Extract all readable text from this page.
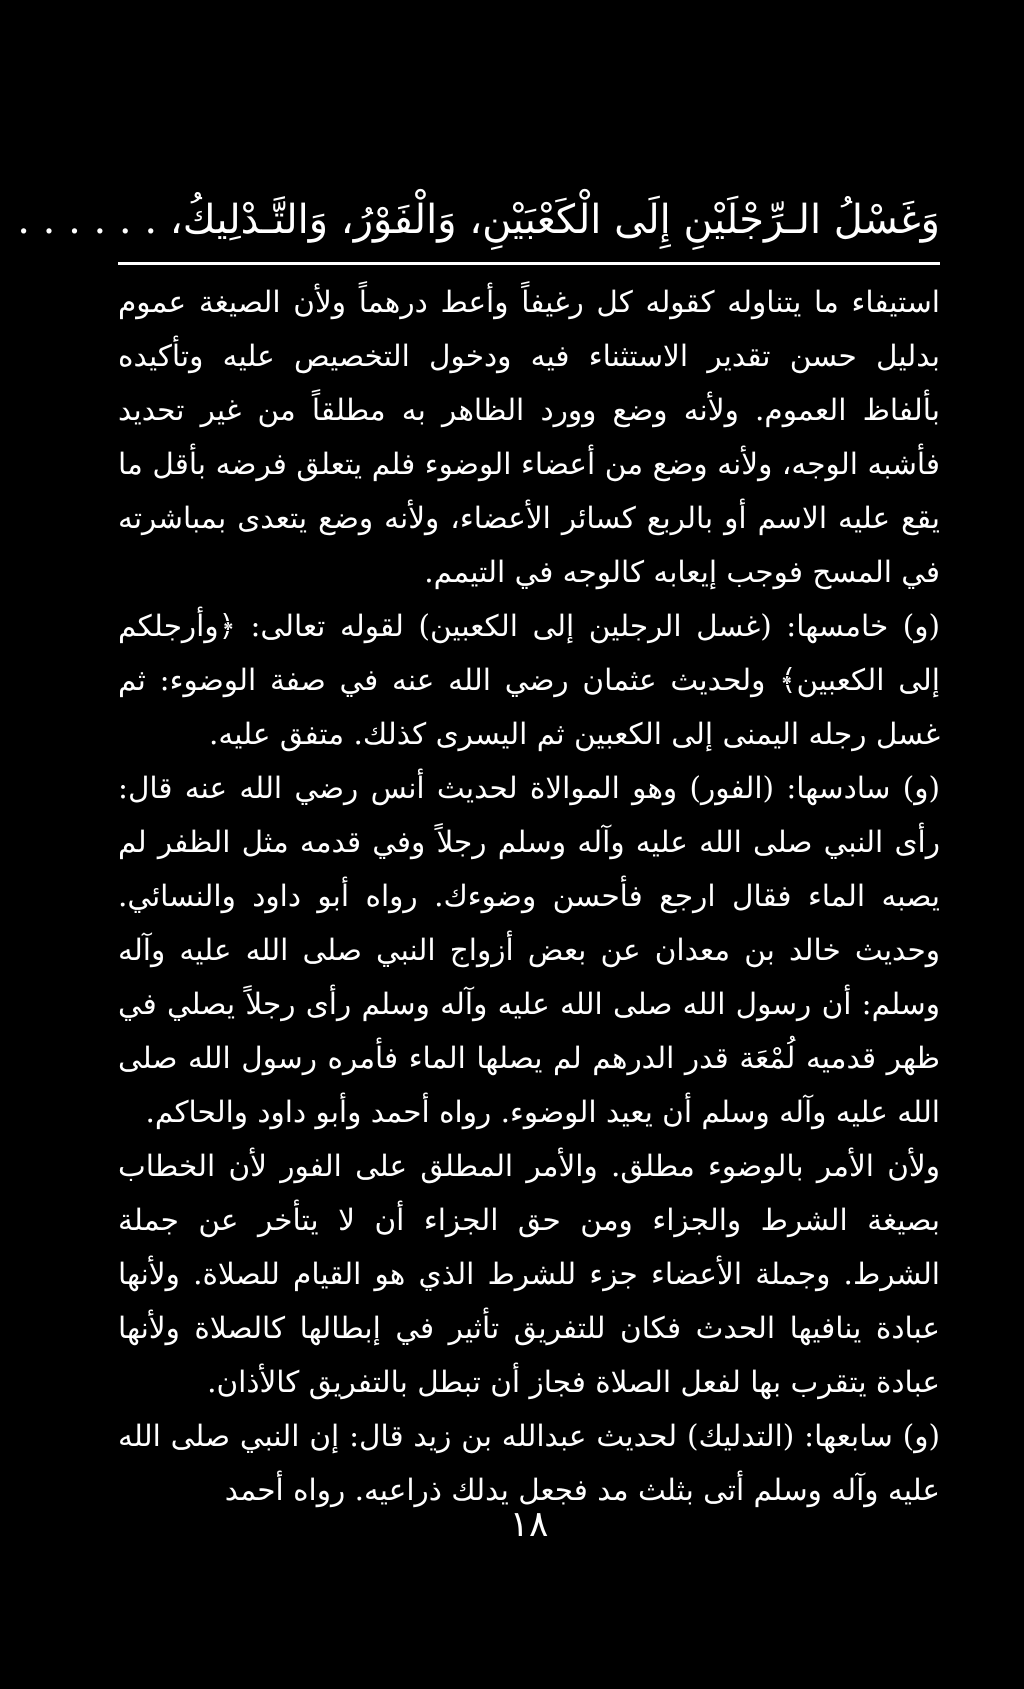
وَغَسْلُ الـرِّجْلَيْنِ إِلَى الْكَعْبَيْنِ، وَالْفَوْرُ، وَالتَّـدْلِيكُ، . . . . . .

استيفاء ما يتناوله كقوله كل رغيفاً وأعط درهماً ولأن الصيغة عموم بدليل حسن تقدير الاستثناء فيه ودخول التخصيص عليه وتأكيده بألفاظ العموم. ولأنه وضع وورد الظاهر به مطلقاً من غير تحديد فأشبه الوجه، ولأنه وضع من أعضاء الوضوء فلم يتعلق فرضه بأقل ما يقع عليه الاسم أو بالربع كسائر الأعضاء، ولأنه وضع يتعدى بمباشرته في المسح فوجب إيعابه كالوجه في التيمم.

(و) خامسها: (غسل الرجلين إلى الكعبين) لقوله تعالى: ﴿وأرجلكم إلى الكعبين﴾ ولحديث عثمان رضي الله عنه في صفة الوضوء: ثم غسل رجله اليمنى إلى الكعبين ثم اليسرى كذلك. متفق عليه.

(و) سادسها: (الفور) وهو الموالاة لحديث أنس رضي الله عنه قال: رأى النبي صلى الله عليه وآله وسلم رجلاً وفي قدمه مثل الظفر لم يصبه الماء فقال ارجع فأحسن وضوءك. رواه أبو داود والنسائي. وحديث خالد بن معدان عن بعض أزواج النبي صلى الله عليه وآله وسلم: أن رسول الله صلى الله عليه وآله وسلم رأى رجلاً يصلي في ظهر قدميه لُمْعَة قدر الدرهم لم يصلها الماء فأمره رسول الله صلى الله عليه وآله وسلم أن يعيد الوضوء. رواه أحمد وأبو داود والحاكم.

ولأن الأمر بالوضوء مطلق. والأمر المطلق على الفور لأن الخطاب بصيغة الشرط والجزاء ومن حق الجزاء أن لا يتأخر عن جملة الشرط. وجملة الأعضاء جزء للشرط الذي هو القيام للصلاة. ولأنها عبادة ينافيها الحدث فكان للتفريق تأثير في إبطالها كالصلاة ولأنها عبادة يتقرب بها لفعل الصلاة فجاز أن تبطل بالتفريق كالأذان.

(و) سابعها: (التدليك) لحديث عبدالله بن زيد قال: إن النبي صلى الله عليه وآله وسلم أتى بثلث مد فجعل يدلك ذراعيه. رواه أحمد

١٨
